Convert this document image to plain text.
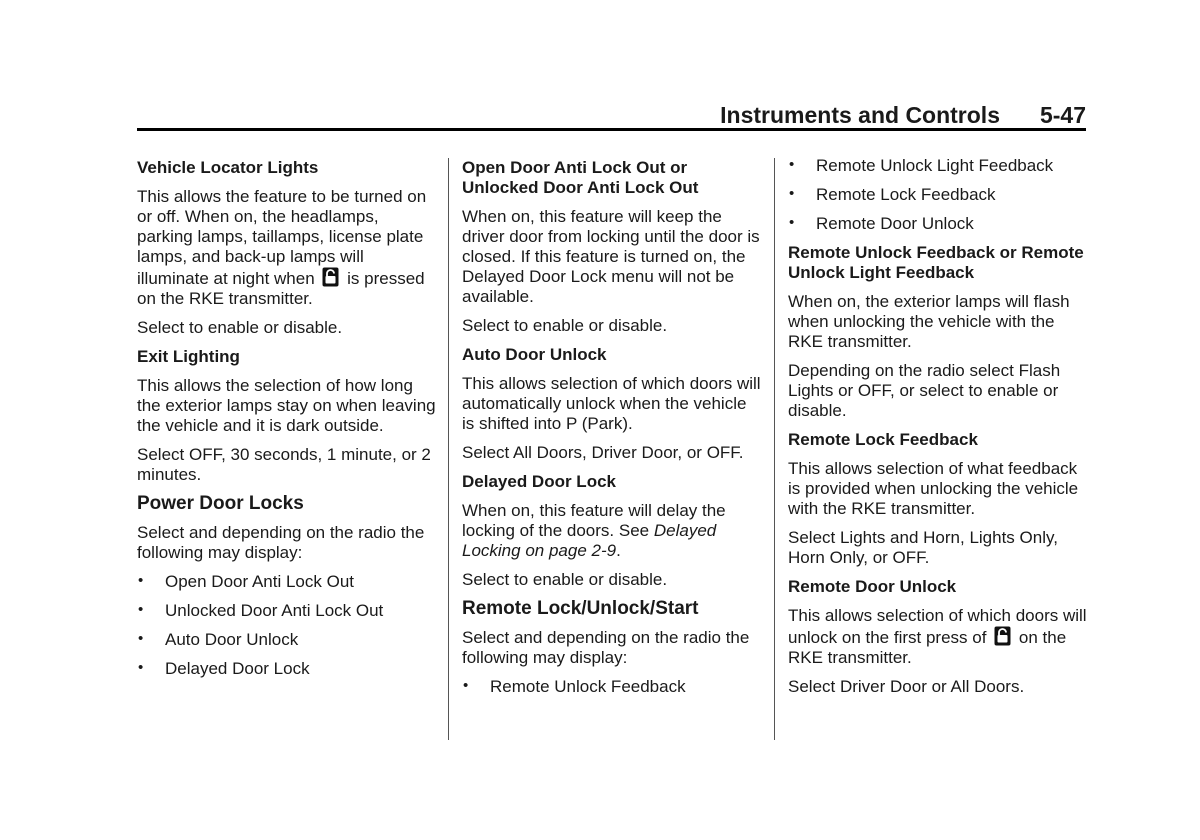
Instruments and Controls 5-47
Vehicle Locator Lights
This allows the feature to be turned on or off. When on, the headlamps, parking lamps, taillamps, license plate lamps, and back-up lamps will illuminate at night when is pressed on the RKE transmitter.
Select to enable or disable.
Exit Lighting
This allows the selection of how long the exterior lamps stay on when leaving the vehicle and it is dark outside.
Select OFF, 30 seconds, 1 minute, or 2 minutes.
Power Door Locks
Select and depending on the radio the following may display:
• Open Door Anti Lock Out
• Unlocked Door Anti Lock Out
• Auto Door Unlock
• Delayed Door Lock
Open Door Anti Lock Out or Unlocked Door Anti Lock Out
When on, this feature will keep the driver door from locking until the door is closed. If this feature is turned on, the Delayed Door Lock menu will not be available.
Select to enable or disable.
Auto Door Unlock
This allows selection of which doors will automatically unlock when the vehicle is shifted into P (Park).
Select All Doors, Driver Door, or OFF.
Delayed Door Lock
When on, this feature will delay the locking of the doors. See Delayed Locking on page 2-9.
Select to enable or disable.
Remote Lock/Unlock/Start
Select and depending on the radio the following may display:
• Remote Unlock Feedback
• Remote Unlock Light Feedback
• Remote Lock Feedback
• Remote Door Unlock
Remote Unlock Feedback or Remote Unlock Light Feedback
When on, the exterior lamps will flash when unlocking the vehicle with the RKE transmitter.
Depending on the radio select Flash Lights or OFF, or select to enable or disable.
Remote Lock Feedback
This allows selection of what feedback is provided when unlocking the vehicle with the RKE transmitter.
Select Lights and Horn, Lights Only, Horn Only, or OFF.
Remote Door Unlock
This allows selection of which doors will unlock on the first press of on the RKE transmitter.
Select Driver Door or All Doors.
